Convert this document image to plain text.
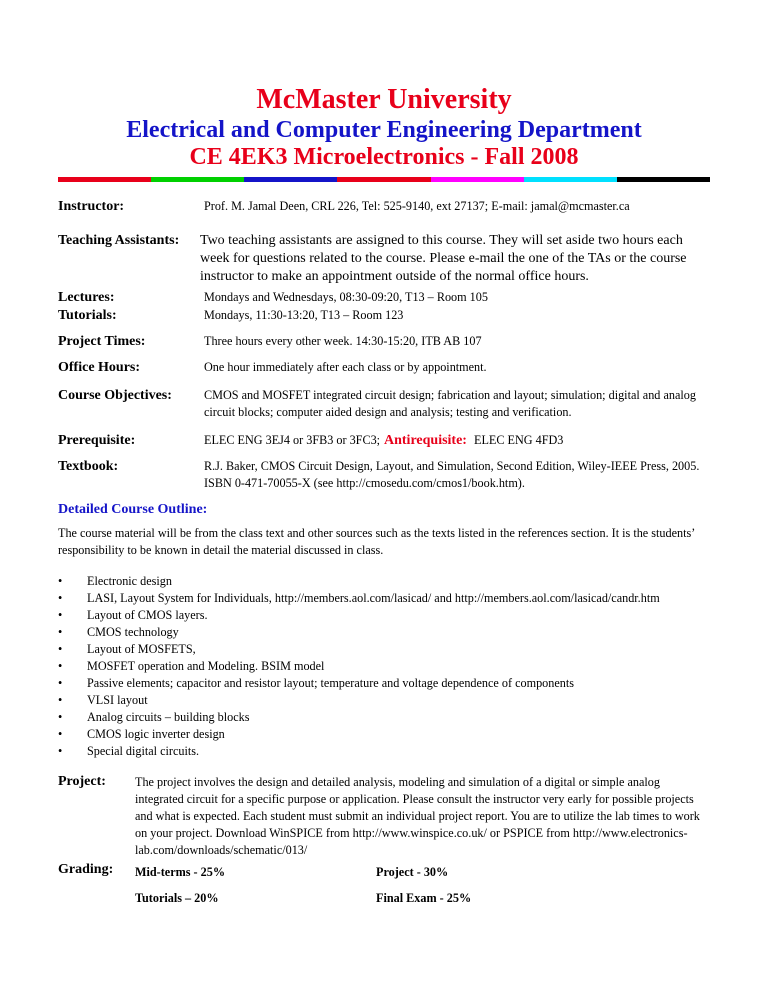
McMaster University
Electrical and Computer Engineering Department
CE 4EK3 Microelectronics - Fall 2008
Instructor:	Prof. M. Jamal Deen, CRL 226, Tel: 525-9140, ext 27137; E-mail: jamal@mcmaster.ca
Teaching Assistants: Two teaching assistants are assigned to this course. They will set aside two hours each week for questions related to the course. Please e-mail the one of the TAs or the course instructor to make an appointment outside of the normal office hours.
Lectures:	Mondays and Wednesdays, 08:30-09:20, T13 – Room 105
Tutorials:	Mondays, 11:30-13:20, T13 – Room 123
Project Times:	Three hours every other week. 14:30-15:20, ITB AB 107
Office Hours:	One hour immediately after each class or by appointment.
Course Objectives:	CMOS and MOSFET integrated circuit design; fabrication and layout; simulation; digital and analog circuit blocks; computer aided design and analysis; testing and verification.
Prerequisite:	ELEC ENG 3EJ4 or 3FB3 or 3FC3; Antirequisite: ELEC ENG 4FD3
Textbook:	R.J. Baker, CMOS Circuit Design, Layout, and Simulation, Second Edition, Wiley-IEEE Press, 2005. ISBN 0-471-70055-X (see http://cmosedu.com/cmos1/book.htm).
Detailed Course Outline:
The course material will be from the class text and other sources such as the texts listed in the references section. It is the students’ responsibility to be known in detail the material discussed in class.
• Electronic design
• LASI, Layout System for Individuals, http://members.aol.com/lasicad/ and http://members.aol.com/lasicad/candr.htm
• Layout of CMOS layers.
• CMOS technology
• Layout of MOSFETS,
• MOSFET operation and Modeling. BSIM model
• Passive elements; capacitor and resistor layout; temperature and voltage dependence of components
• VLSI layout
• Analog circuits – building blocks
• CMOS logic inverter design
• Special digital circuits.
Project: The project involves the design and detailed analysis, modeling and simulation of a digital or simple analog integrated circuit for a specific purpose or application. Please consult the instructor very early for possible projects and what is expected. Each student must submit an individual project report. You are to utilize the lab times to work on your project. Download WinSPICE from http://www.winspice.co.uk/ or PSPICE from http://www.electronics- lab.com/downloads/schematic/013/
Grading: Mid-terms - 25%	Project - 30%
Tutorials – 20%	Final Exam - 25%
